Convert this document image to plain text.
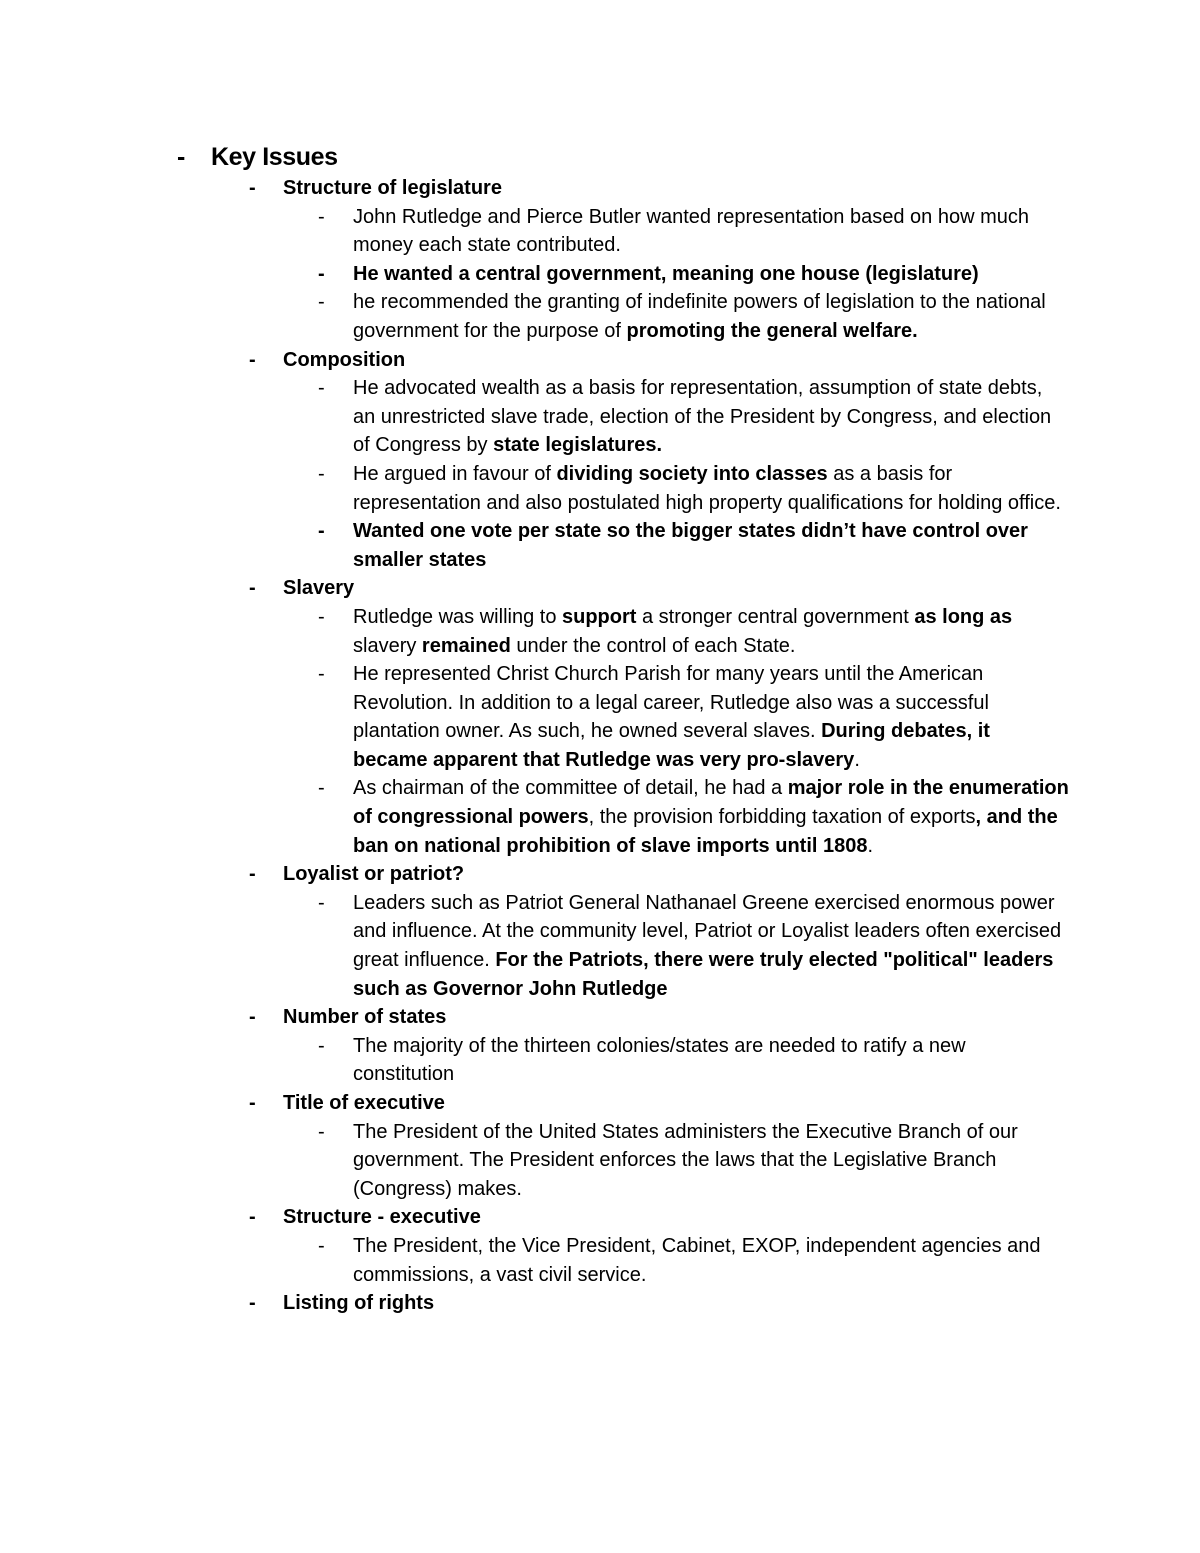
- Key Issues
- Structure of legislature
- John Rutledge and Pierce Butler wanted representation based on how much money each state contributed.
- He wanted a central government, meaning one house (legislature)
- he recommended the granting of indefinite powers of legislation to the national government for the purpose of promoting the general welfare.
- Composition
- He advocated wealth as a basis for representation, assumption of state debts, an unrestricted slave trade, election of the President by Congress, and election of Congress by state legislatures.
- He argued in favour of dividing society into classes as a basis for representation and also postulated high property qualifications for holding office.
- Wanted one vote per state so the bigger states didn’t have control over smaller states
- Slavery
- Rutledge was willing to support a stronger central government as long as slavery remained under the control of each State.
- He represented Christ Church Parish for many years until the American Revolution. In addition to a legal career, Rutledge also was a successful plantation owner. As such, he owned several slaves. During debates, it became apparent that Rutledge was very pro-slavery.
- As chairman of the committee of detail, he had a major role in the enumeration of congressional powers, the provision forbidding taxation of exports, and the ban on national prohibition of slave imports until 1808.
- Loyalist or patriot?
- Leaders such as Patriot General Nathanael Greene exercised enormous power and influence. At the community level, Patriot or Loyalist leaders often exercised great influence. For the Patriots, there were truly elected "political" leaders such as Governor John Rutledge
- Number of states
- The majority of the thirteen colonies/states are needed to ratify a new constitution
- Title of executive
- The President of the United States administers the Executive Branch of our government. The President enforces the laws that the Legislative Branch (Congress) makes.
- Structure - executive
- The President, the Vice President, Cabinet, EXOP, independent agencies and commissions, a vast civil service.
- Listing of rights
